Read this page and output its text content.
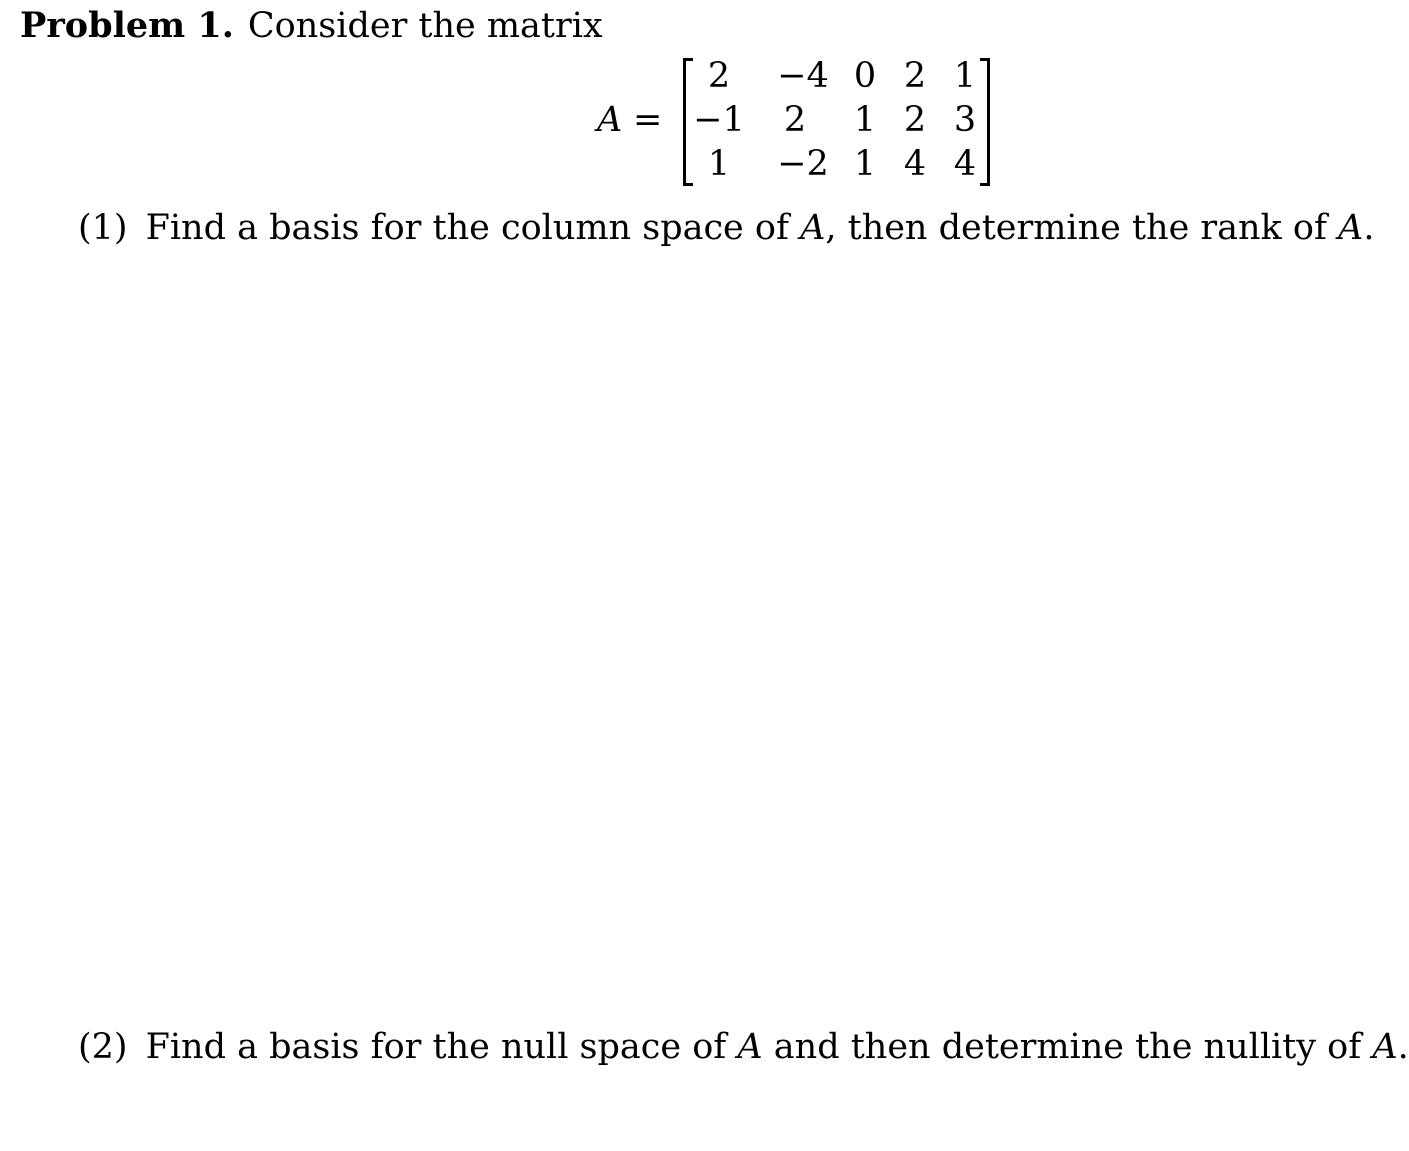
Problem 1. Consider the matrix
A =
2	−4 0 2 1
−1 2 1 2 3
1	−2 1 4 4
(1) Find a basis for the column space of A, then determine the rank of A.
(2) Find a basis for the null space of A and then determine the nullity of A.
